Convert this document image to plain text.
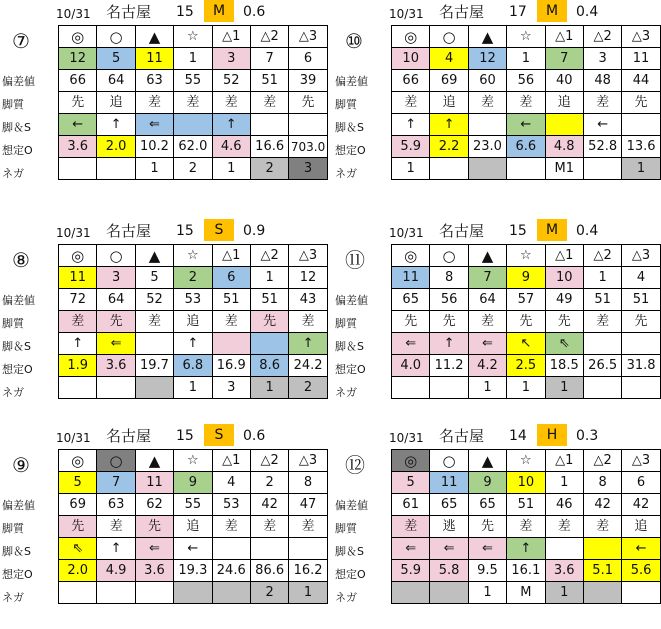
10/31 名古屋 15	M	0.6
⑦
偏差値
脚質
脚＆S
想定O
ネガ
◎	○	▲	☆	△1	△2	△3
12	5	11	1	3	7	6
66	64	63	55	52	51	39
先	追	差	差	差	差	先
←	↑	⇐		↑		
3.6	2.0	10.2	62.0	4.6	16.6	703.0
		1	2	1	2	3
10/31 名古屋 17	M	0.4
⑩
偏差値
脚質
脚＆S
想定O
ネガ
◎	○	▲	☆	△1	△2	△3
10	4	12	1	7	3	11
66	69	60	56	40	48	44
差	追	差	差	追	差	先
↑	↑		←		←	
5.9	2.2	23.0	6.6	4.8	52.8	13.6
1				M1		1
10/31 名古屋 15	S	0.9
⑧
偏差値
脚質
脚＆S
想定O
ネガ
◎	○	▲	☆	△1	△2	△3
11	3	5	2	6	1	12
72	64	52	53	51	51	43
差	先	差	追	差	先	差
↑	⇐		↑			↑
1.9	3.6	19.7	6.8	16.9	8.6	24.2
			1	3	1	2
10/31 名古屋 15	M	0.4
⑪
偏差値
脚質
脚＆S
想定O
ネガ
◎	○	▲	☆	△1	△2	△3
11	8	7	9	10	1	4
65	56	64	57	49	51	51
先	先	差	先	先	差	先
⇐	↑	⇐	↖	⇖		
4.0	11.2	4.2	2.5	18.5	26.5	31.8
		1	1	1		
10/31 名古屋 15	S	0.6
⑨
偏差値
脚質
脚＆S
想定O
ネガ
◎	○	▲	☆	△1	△2	△3
5	7	11	9	4	2	8
69	63	62	55	53	42	47
先	差	先	追	差	差	差
⇖	↑	⇐	←			
2.0	4.9	3.6	19.3	24.6	86.6	16.2
					2	1
10/31 名古屋 14	H	0.3
⑫
偏差値
脚質
脚＆S
想定O
ネガ
◎	○	▲	☆	△1	△2	△3
5	11	9	10	1	8	6
61	65	65	51	46	42	42
差	逃	先	差	差	差	追
⇐	⇐	⇐	↑			←
5.9	5.8	9.5	16.1	3.6	5.1	5.6
		1	M	1		
